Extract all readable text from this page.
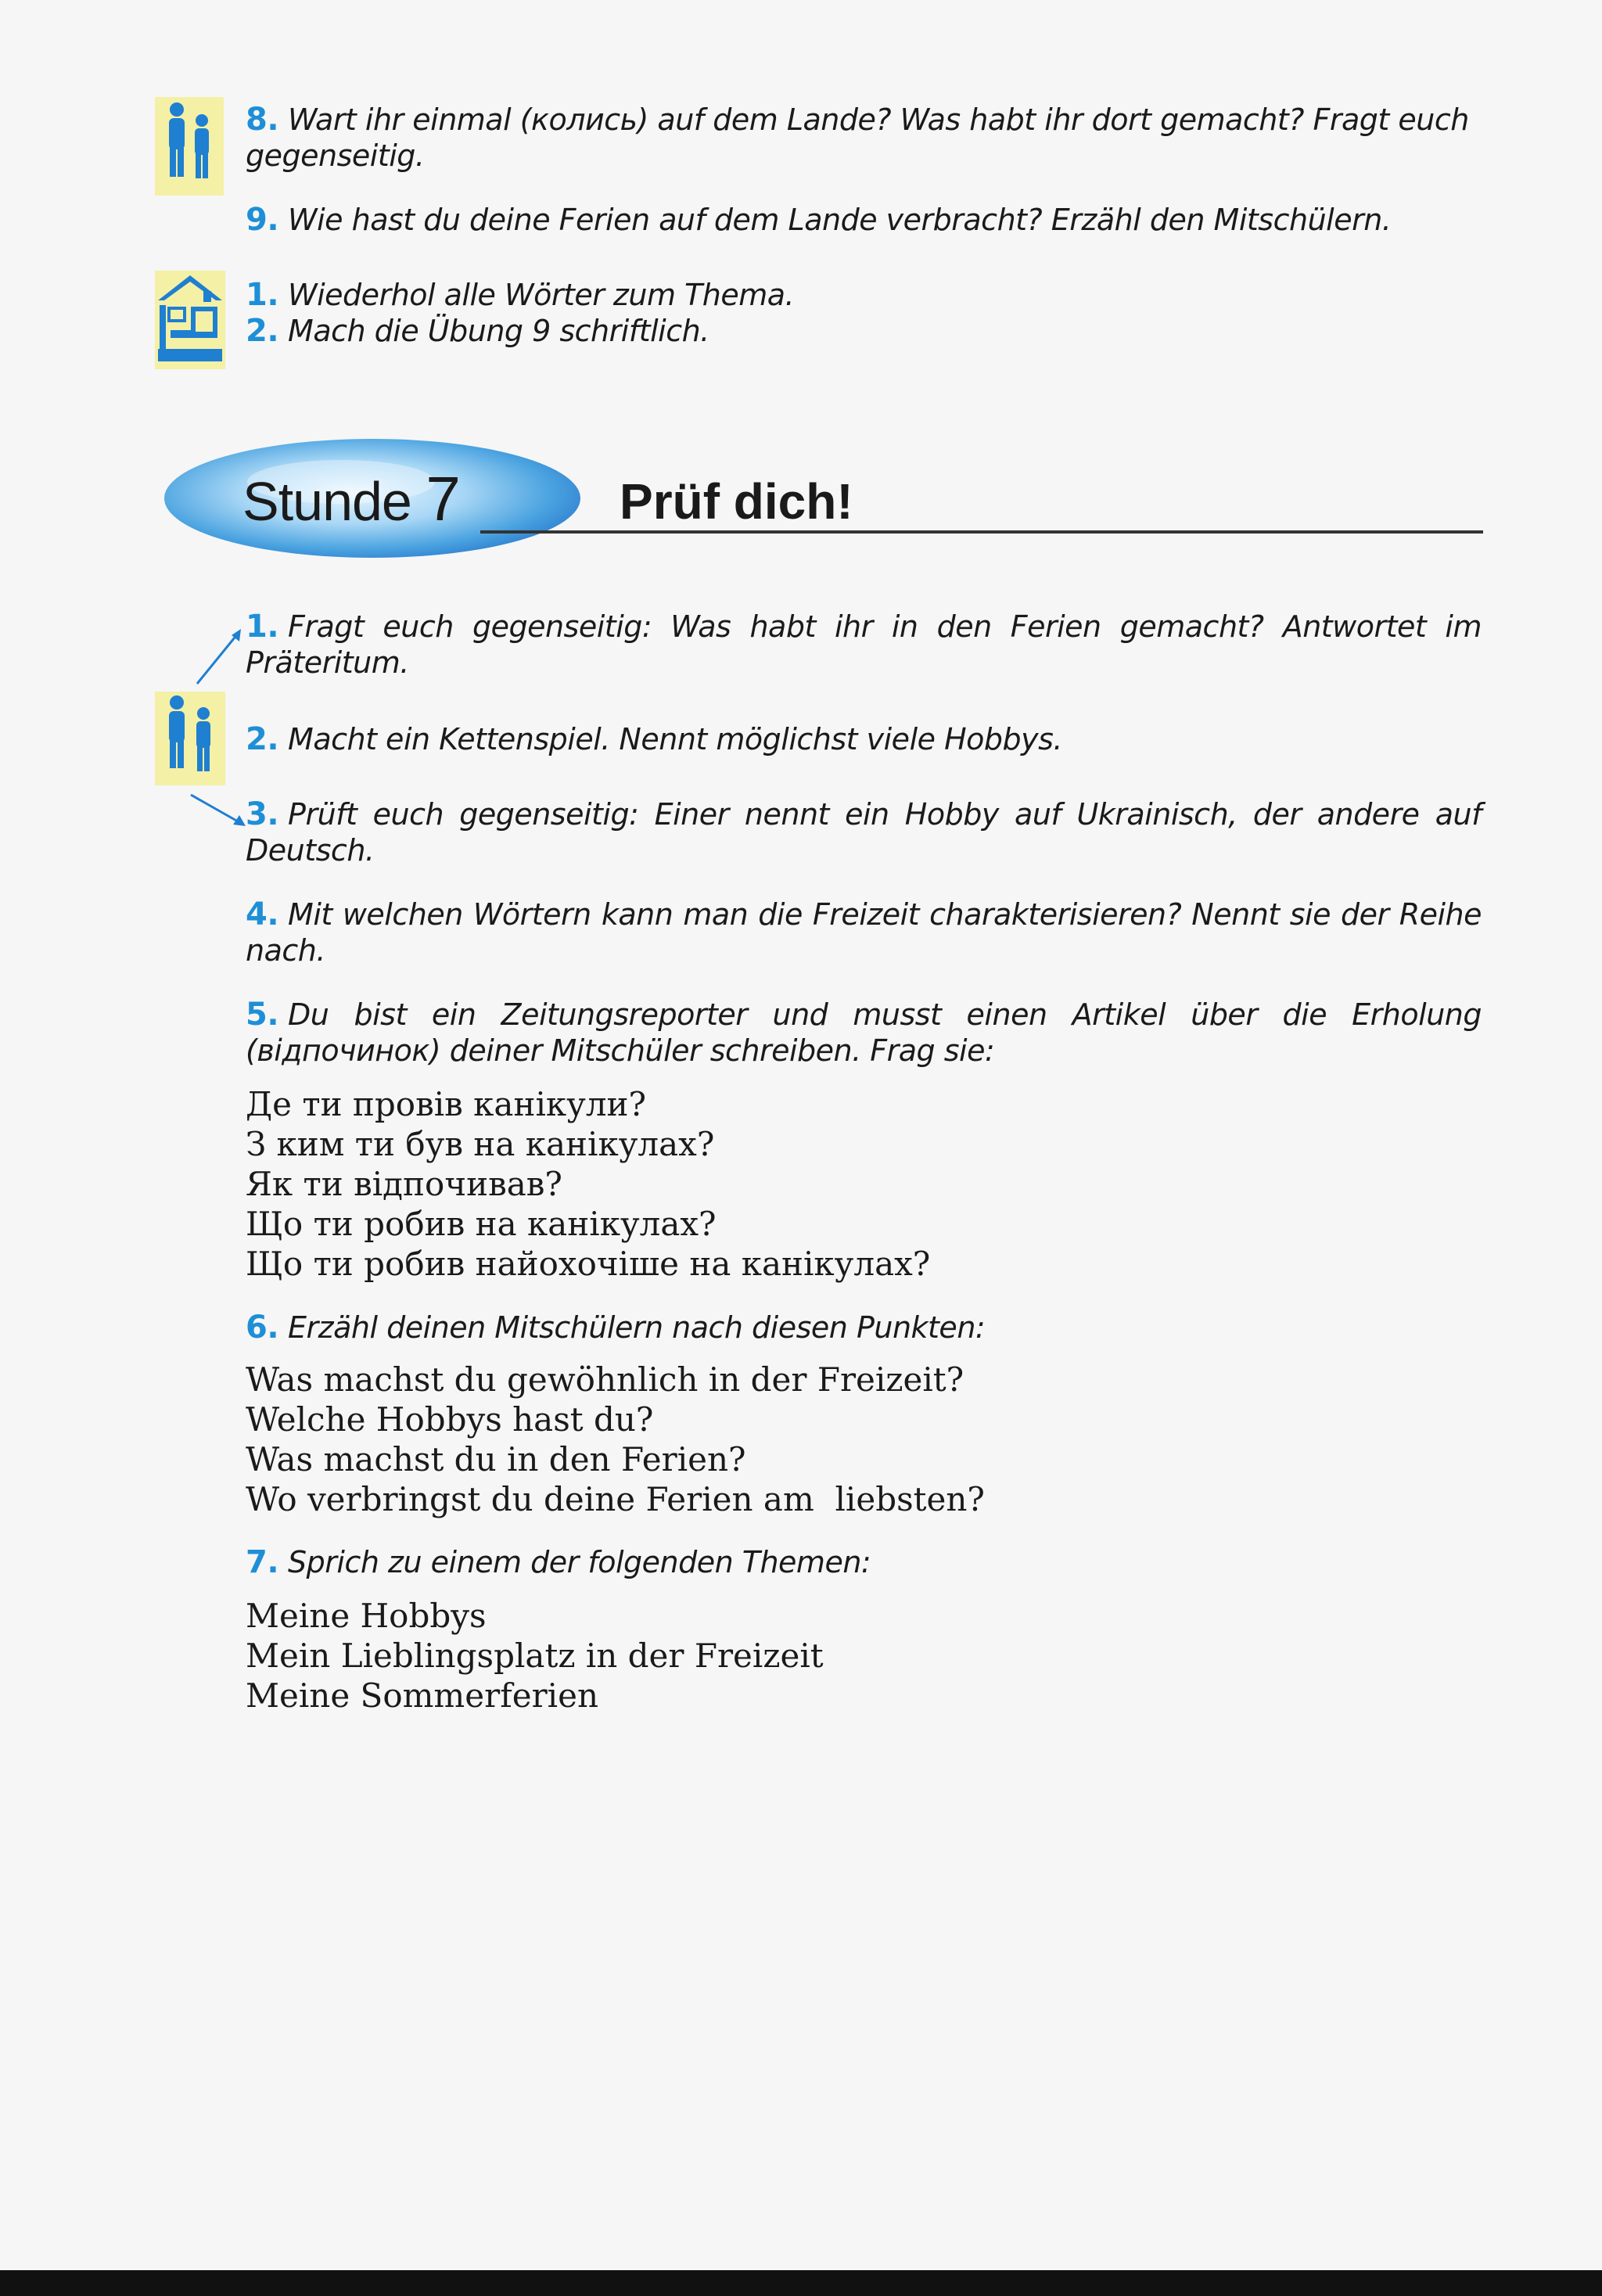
8. Wart ihr einmal (колись) auf dem Lande? Was habt ihr dort gemacht? Fragt euch gegenseitig.
9. Wie hast du deine Ferien auf dem Lande verbracht? Erzähl den Mitschülern.
1. Wiederhol alle Wörter zum Thema.
2. Mach die Übung 9 schriftlich.
Stunde 7	Prüf dich!
1. Fragt euch gegenseitig: Was habt ihr in den Ferien gemacht? Antwortet im Präteritum.
2. Macht ein Kettenspiel. Nennt möglichst viele Hobbys.
3. Prüft euch gegenseitig: Einer nennt ein Hobby auf Ukrainisch, der andere auf Deutsch.
4. Mit welchen Wörtern kann man die Freizeit charakterisieren? Nennt sie der Reihe nach.
5. Du bist ein Zeitungsreporter und musst einen Artikel über die Erholung (відпочинок) deiner Mitschüler schreiben. Frag sie:
Де ти провів канікули?
З ким ти був на канікулах?
Як ти відпочивав?
Що ти робив на канікулах?
Що ти робив найохочіше на канікулах?
6. Erzähl deinen Mitschülern nach diesen Punkten:
Was machst du gewöhnlich in der Freizeit?
Welche Hobbys hast du?
Was machst du in den Ferien?
Wo verbringst du deine Ferien am  liebsten?
7. Sprich zu einem der folgenden Themen:
Meine Hobbys
Mein Lieblingsplatz in der Freizeit
Meine Sommerferien
